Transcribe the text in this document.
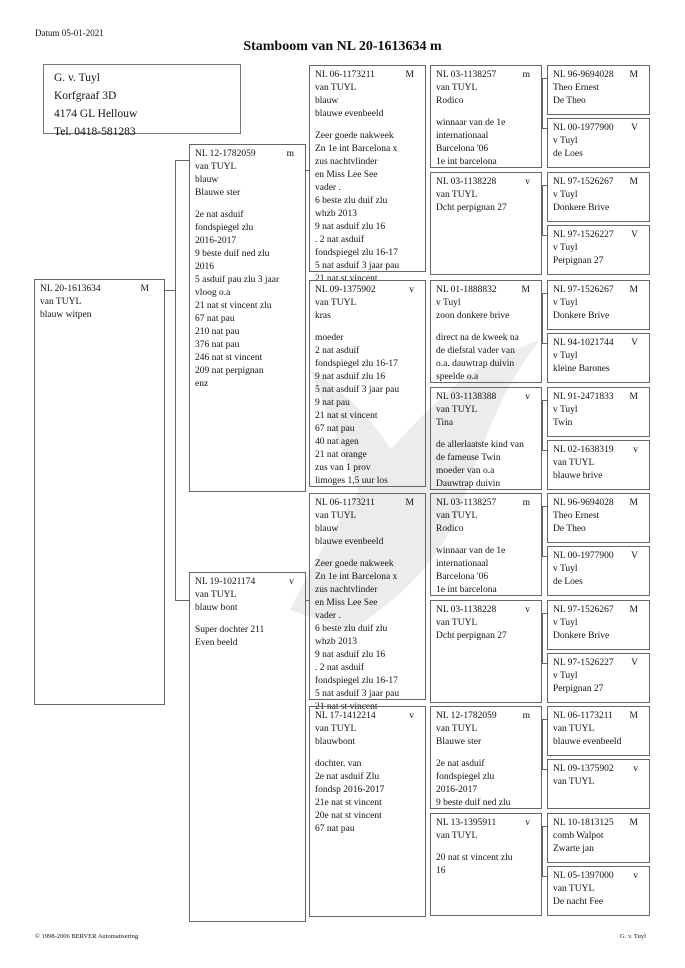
Datum 05-01-2021
Stamboom van NL 20-1613634 m
G. v. Tuyl
Korfgraaf 3D
4174 GL Hellouw
Tel. 0418-581283
NL 20-1613634	M
van TUYL
blauw witpen
NL 12-1782059	m
van TUYL
blauw
Blauwe ster
2e nat asduif
fondspiegel zlu
2016-2017
9 beste duif ned zlu
2016
5 asduif pau zlu 3 jaar
vloog o.a
21 nat st vincent zlu
67 nat pau
210 nat pau
376 nat pau
246 nat st vincent
209 nat perpignan
enz
NL 19-1021174	v
van TUYL
blauw bont
Super dochter 211
Even beeld
NL 06-1173211	M
van TUYL
blauw
blauwe evenbeeld
Zeer goede nakweek
Zn 1e int Barcelona x
zus nachtvlinder
en Miss Lee See
vader .
6 beste zlu duif zlu
whzb 2013
9 nat asduif zlu 16
. 2 nat asduif
fondspiegel zlu 16-17
5 nat asduif 3 jaar pau
21 nat st vincent
NL 09-1375902	v
van TUYL
kras
moeder
2 nat asduif
fondspiegel zlu 16-17
9 nat asduif zlu 16
5 nat asduif 3 jaar pau
9 nat pau
21 nat st vincent
67 nat pau
40 nat agen
21 nat orange
zus van 1 prov
limoges 1,5 uur los
NL 06-1173211	M
van TUYL
blauw
blauwe evenbeeld
Zeer goede nakweek
Zn 1e int Barcelona x
zus nachtvlinder
en Miss Lee See
vader .
6 beste zlu duif zlu
whzb 2013
9 nat asduif zlu 16
. 2 nat asduif
fondspiegel zlu 16-17
5 nat asduif 3 jaar pau
21 nat st vincent
NL 17-1412214	v
van TUYL
blauwbont
dochter. van
2e nat asduif Zlu
fondsp 2016-2017
21e nat st vincent
20e nat st vincent
67 nat pau
NL 03-1138257	m
van TUYL
Rodico
winnaar van de 1e
internationaal
Barcelona '06
1e int barcelona
NL 03-1138228	v
van TUYL
Dcht perpignan 27
NL 01-1888832	M
v Tuyl
zoon donkere brive
direct na de kweek na
de diefstal vader van
o.a. dauwtrap duivin
speelde o.a
NL 03-1138388	v
van TUYL
Tina
de allerlaatste kind van
de fameuse Twin
moeder van o.a
Dauwtrap duivin
NL 03-1138257	m
van TUYL
Rodico
winnaar van de 1e
internationaal
Barcelona '06
1e int barcelona
NL 03-1138228	v
van TUYL
Dcht perpignan 27
NL 12-1782059	m
van TUYL
Blauwe ster
2e nat asduif
fondspiegel zlu
2016-2017
9 beste duif ned zlu
NL 13-1395911	v
van TUYL
20 nat st vincent zlu
16
NL 96-9694028 M
Theo Ernest
De Theo
NL 00-1977900 V
v Tuyl
de Loes
NL 97-1526267 M
v Tuyl
Donkere Brive
NL 97-1526227 V
v Tuyl
Perpignan 27
NL 97-1526267 M
v Tuyl
Donkere Brive
NL 94-1021744 V
v Tuyl
kleine Barones
NL 91-2471833 M
v Tuyl
Twin
NL 02-1638319 v
van TUYL
blauwe brive
NL 96-9694028 M
Theo Ernest
De Theo
NL 00-1977900 V
v Tuyl
de Loes
NL 97-1526267 M
v Tuyl
Donkere Brive
NL 97-1526227 V
v Tuyl
Perpignan 27
NL 06-1173211 M
van TUYL
blauwe evenbeeld
NL 09-1375902 v
van TUYL
NL 10-1813125 M
comb Walpot
Zwarte jan
NL 05-1397000 v
van TUYL
De nacht Fee
© 1998-2006 BERVER Automatisering	G. v. Tuyl
